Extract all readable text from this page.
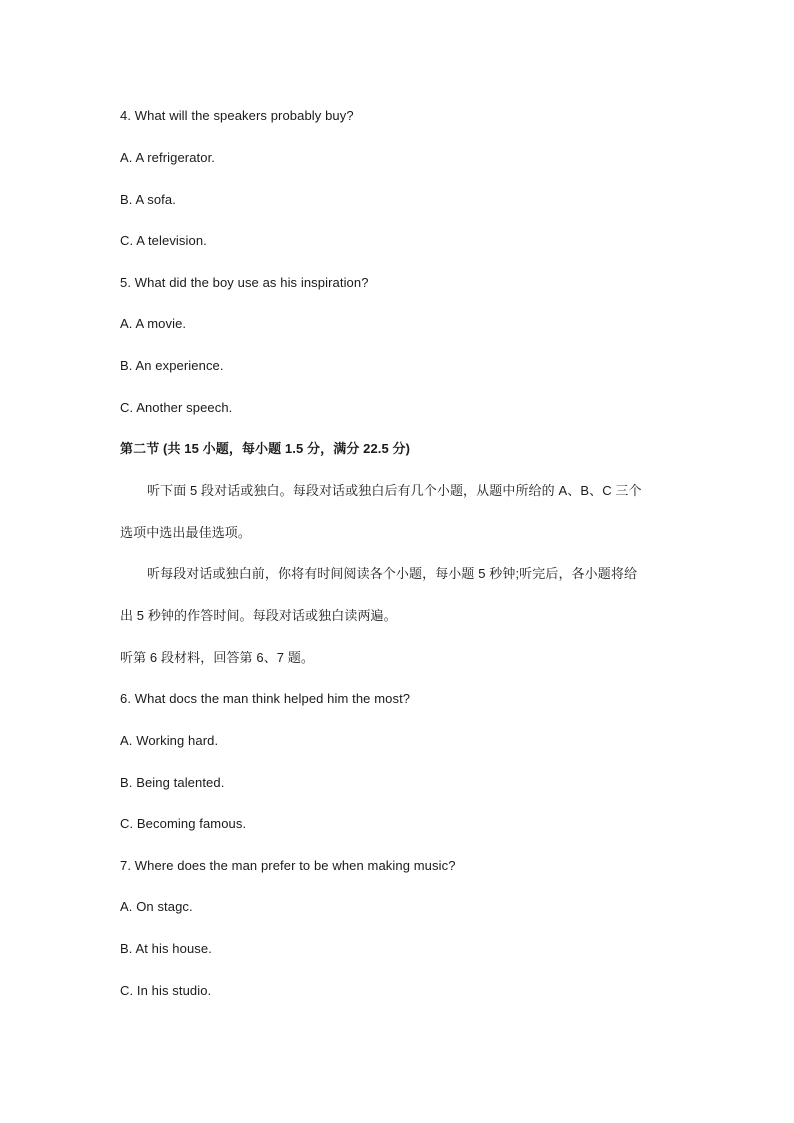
4. What will the speakers probably buy?
A. A refrigerator.
B. A sofa.
C. A television.
5. What did the boy use as his inspiration?
A. A movie.
B. An experience.
C. Another speech.
第二节 (共 15 小题，每小题 1.5 分，满分 22.5 分)
听下面 5 段对话或独白。每段对话或独白后有几个小题，从题中所给的 A、B、C 三个
选项中选出最佳选项。
听每段对话或独白前，你将有时间阅读各个小题，每小题 5 秒钟;听完后，各小题将给
出 5 秒钟的作答时间。每段对话或独白读两遍。
听第 6 段材料，回答第 6、7 题。
6. What docs the man think helped him the most?
A. Working hard.
B. Being talented.
C. Becoming famous.
7. Where does the man prefer to be when making music?
A. On stagc.
B. At his house.
C. In his studio.
